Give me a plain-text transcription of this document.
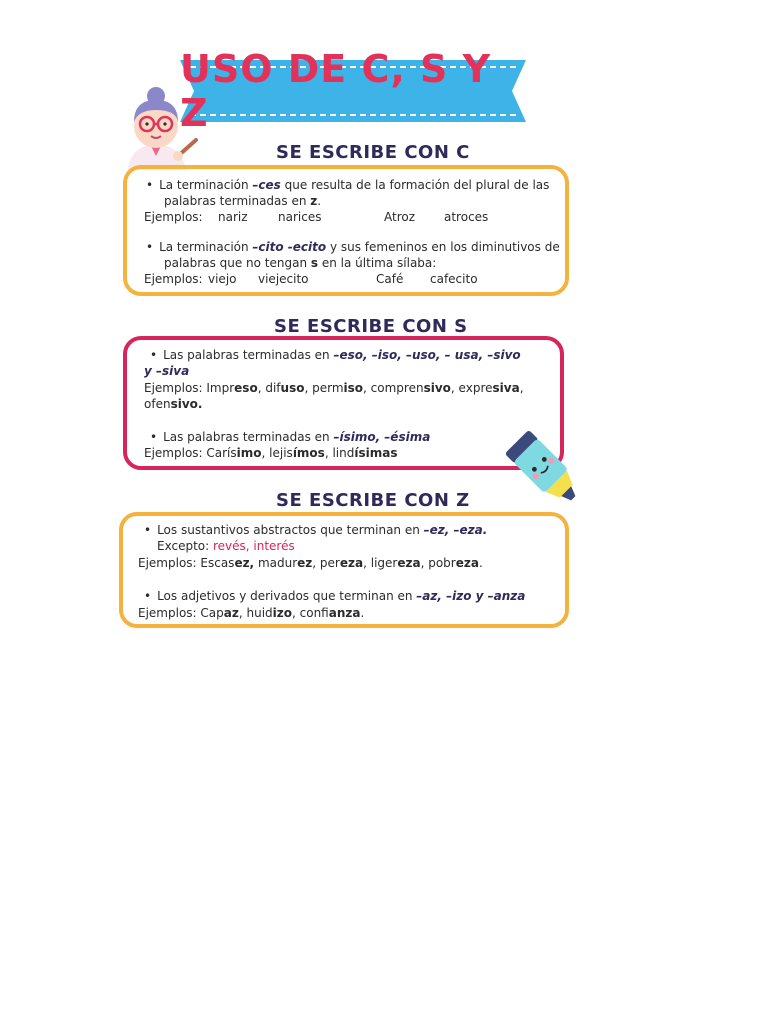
USO DE C, S Y Z
SE ESCRIBE CON C
• La terminación –ces que resulta de la formación del plural de las
palabras terminadas en z.
Ejemplos: nariz	narices	Atroz atroces
• La terminación –cito -ecito y sus femeninos en los diminutivos de
palabras que no tengan s en la última sílaba:
Ejemplos: viejo viejecito	Café cafecito
SE ESCRIBE CON S
• Las palabras terminadas en –eso, –iso, –uso, – usa, –sivo
y –siva
Ejemplos: Impreso, difuso, permiso, comprensivo, expresiva,
ofensivo.
• Las palabras terminadas en –ísimo, –ésima
Ejemplos: Carísimo, lejisímos, lindísimas
SE ESCRIBE CON Z
• Los sustantivos abstractos que terminan en –ez, –eza.
Excepto: revés, interés
Ejemplos: Escasez, madurez, pereza, ligereza, pobreza.
• Los adjetivos y derivados que terminan en –az, –izo y –anza
Ejemplos: Capaz, huidizo, confianza.
